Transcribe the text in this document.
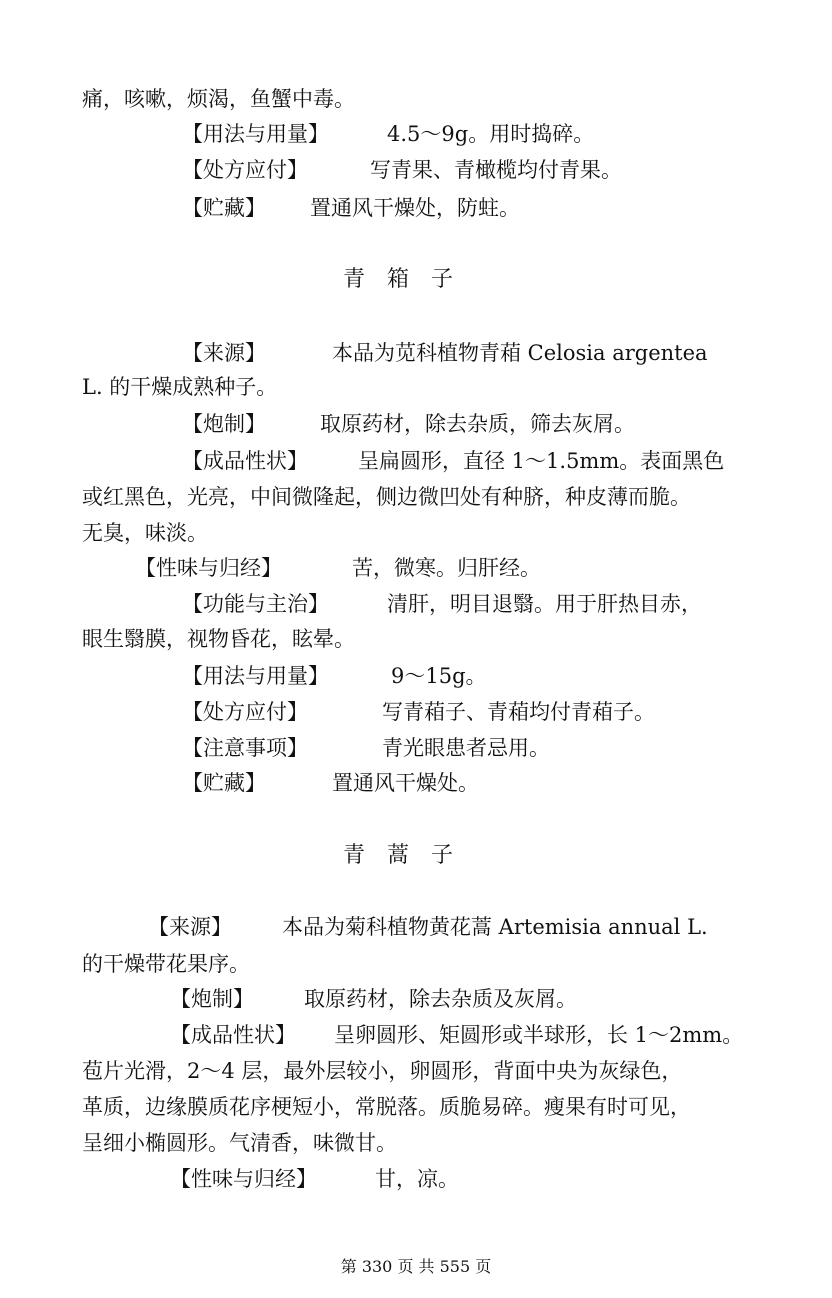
痛，咳嗽，烦渴，鱼蟹中毒。
【用法与用量】	4.5～9g。用时捣碎。
【处方应付】	写青果、青橄榄均付青果。
【贮藏】 置通风干燥处，防蛀。
青　箱　子
【来源】	本品为苋科植物青葙 Celosia argentea
L. 的干燥成熟种子。
【炮制】	取原药材，除去杂质，筛去灰屑。
【成品性状】 呈扁圆形，直径 1～1.5mm。表面黑色
或红黑色，光亮，中间微隆起，侧边微凹处有种脐，种皮薄而脆。
无臭，味淡。
【性味与归经】	苦，微寒。归肝经。
【功能与主治】	清肝，明目退翳。用于肝热目赤，
眼生翳膜，视物昏花，眩晕。
【用法与用量】	9～15g。
【处方应付】	写青葙子、青葙均付青葙子。
【注意事项】	青光眼患者忌用。
【贮藏】	置通风干燥处。
青　蒿　子
【来源】 本品为菊科植物黄花蒿 Artemisia annual L.
的干燥带花果序。
【炮制】 取原药材，除去杂质及灰屑。
【成品性状】 呈卵圆形、矩圆形或半球形，长 1～2mm。
苞片光滑，2～4 层，最外层较小，卵圆形，背面中央为灰绿色，
革质，边缘膜质花序梗短小，常脱落。质脆易碎。瘦果有时可见，
呈细小椭圆形。气清香，味微甘。
【性味与归经】	甘，凉。
第 330 页 共 555 页
